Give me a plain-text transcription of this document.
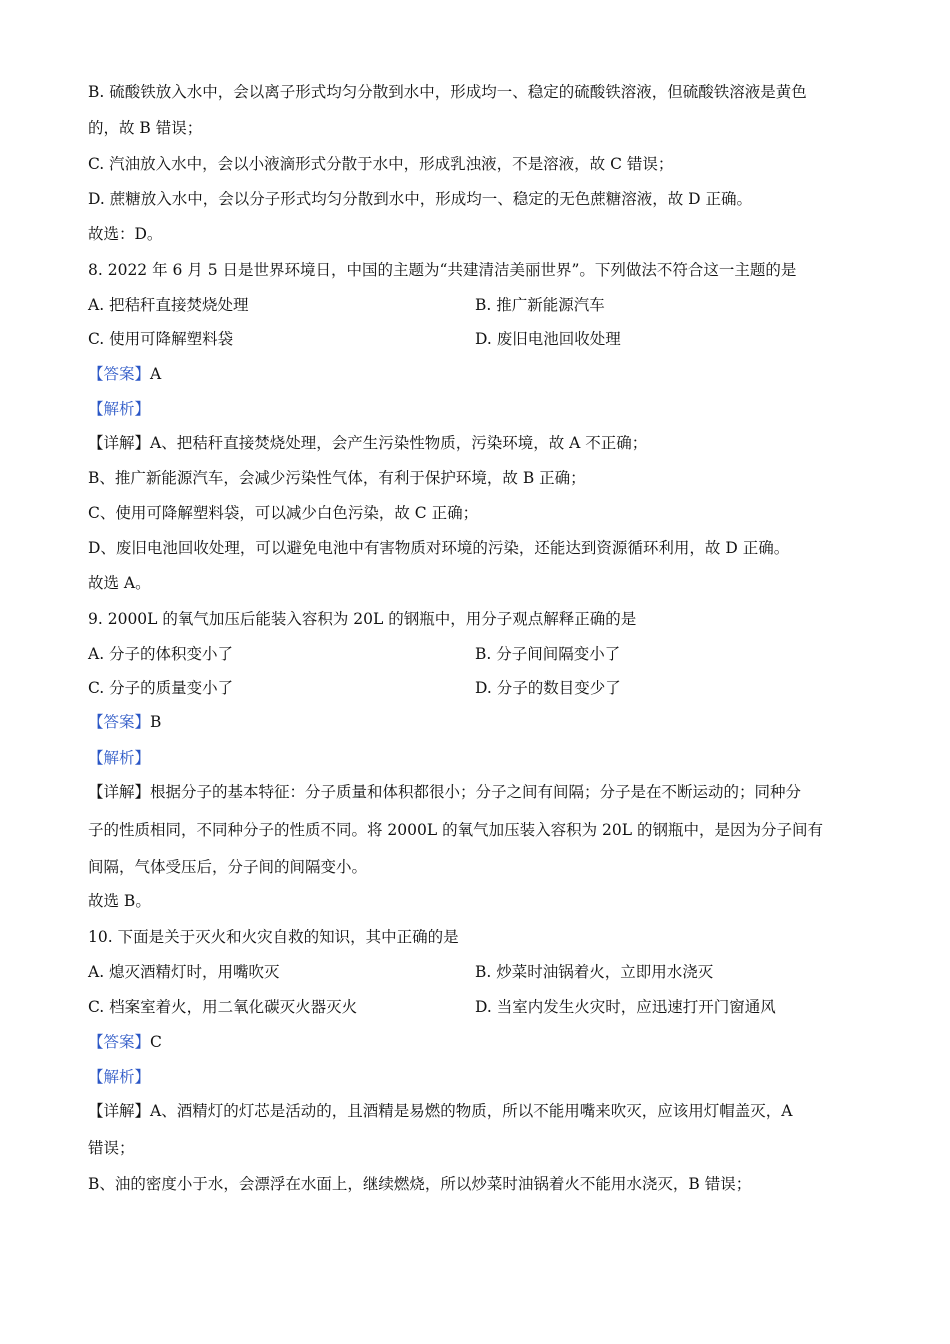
B. 硫酸铁放入水中，会以离子形式均匀分散到水中，形成均一、稳定的硫酸铁溶液，但硫酸铁溶液是黄色
的，故 B 错误；
C. 汽油放入水中，会以小液滴形式分散于水中，形成乳浊液，不是溶液，故 C 错误；
D. 蔗糖放入水中，会以分子形式均匀分散到水中，形成均一、稳定的无色蔗糖溶液，故 D 正确。
故选：D。
8. 2022 年 6 月 5 日是世界环境日，中国的主题为“共建清洁美丽世界”。下列做法不符合这一主题的是
A. 把秸秆直接焚烧处理	B. 推广新能源汽车
C. 使用可降解塑料袋	D. 废旧电池回收处理
【答案】A
【解析】
【详解】A、把秸秆直接焚烧处理，会产生污染性物质，污染环境，故 A 不正确；
B、推广新能源汽车，会减少污染性气体，有利于保护环境，故 B 正确；
C、使用可降解塑料袋，可以减少白色污染，故 C 正确；
D、废旧电池回收处理，可以避免电池中有害物质对环境的污染，还能达到资源循环利用，故 D 正确。
故选 A。
9. 2000L 的氧气加压后能装入容积为 20L 的钢瓶中，用分子观点解释正确的是
A. 分子的体积变小了	B. 分子间间隔变小了
C. 分子的质量变小了	D. 分子的数目变少了
【答案】B
【解析】
【详解】根据分子的基本特征：分子质量和体积都很小；分子之间有间隔；分子是在不断运动的；同种分
子的性质相同，不同种分子的性质不同。将 2000L 的氧气加压装入容积为 20L 的钢瓶中，是因为分子间有
间隔，气体受压后，分子间的间隔变小。
故选 B。
10. 下面是关于灭火和火灾自救的知识，其中正确的是
A. 熄灭酒精灯时，用嘴吹灭	B. 炒菜时油锅着火，立即用水浇灭
C. 档案室着火，用二氧化碳灭火器灭火	D. 当室内发生火灾时，应迅速打开门窗通风
【答案】C
【解析】
【详解】A、酒精灯的灯芯是活动的，且酒精是易燃的物质，所以不能用嘴来吹灭，应该用灯帽盖灭，A
错误；
B、油的密度小于水，会漂浮在水面上，继续燃烧，所以炒菜时油锅着火不能用水浇灭，B 错误；
